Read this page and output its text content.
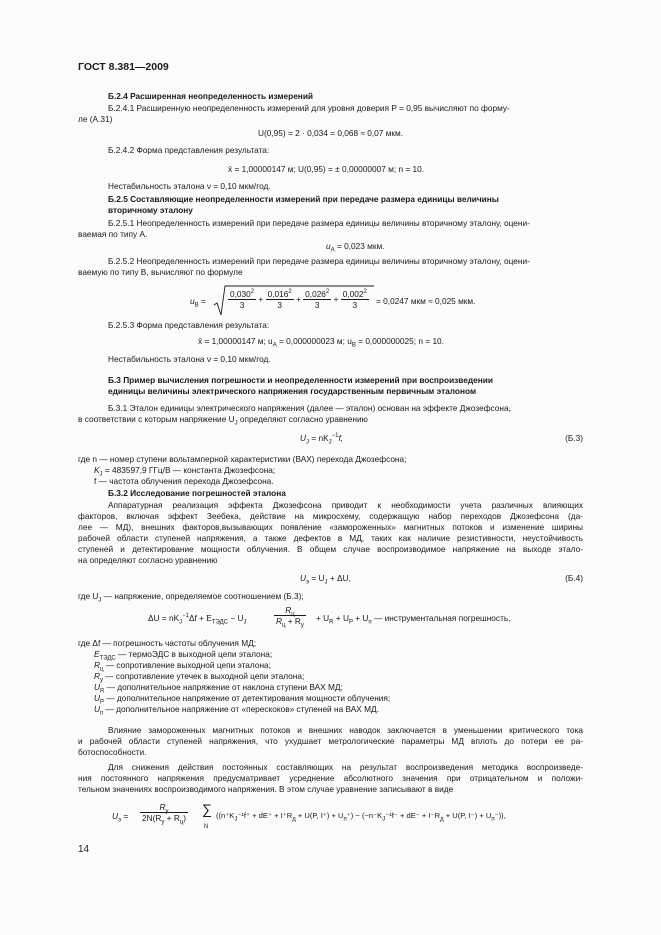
ГОСТ 8.381—2009
Б.2.4 Расширенная неопределенность измерений
Б.2.4.1 Расширенную неопределенность измерений для уровня доверия P = 0,95 вычисляют по форму-
ле (А.31)
U(0,95) = 2 · 0,034 = 0,068 ≈ 0,07 мкм.
Б.2.4.2 Форма представления результата:
x̄ = 1,00000147 м; U(0,95) = ± 0,00000007 м; n = 10.
Нестабильность эталона ν = 0,10 мкм/год.
Б.2.5 Составляющие неопределенности измерений при передаче размера единицы величины
вторичному эталону
Б.2.5.1 Неопределенность измерений при передаче размера единицы величины вторичному эталону, оцени-
ваемая по типу А.
$u_A = 0,023$ мкм.
Б.2.5.2 Неопределенность измерений при передаче размера единицы величины вторичному эталону, оцени-
ваемую по типу В, вычисляют по формуле
$u_B$ =	$\frac{0,030^2}{3} + \frac{0,016^2}{3} + \frac{0,026^2}{3} + \frac{0,002^2}{3} = 0,0247$ мкм ≈ 0,025 мкм.
Б.2.5.3 Форма представления результата:
x̄ = 1,00000147 м; $u_A = 0,000000023$ м; $u_B = 0,000000025$; n = 10.
Нестабильность эталона ν = 0,10 мкм/год.
Б.3 Пример вычисления погрешности и неопределенности измерений при воспроизведении
единицы величины электрического напряжения государственным первичным эталоном
Б.3.1 Эталон единицы электрического напряжения (далее — эталон) основан на эффекте Джозефсона,
в соответствии с которым напряжение $U_J$ определяют согласно уравнению
$U_J = nK_J^{-1}f$,	(Б.3)
где n — номер ступени вольтамперной характеристики (ВАХ) перехода Джозефсона;
$K_J = 483597,9$ ГГц/В — константа Джозефсона;
f — частота облучения перехода Джозефсона.
Б.3.2 Исследование погрешностей эталона
Аппаратурная реализация эффекта Джозефсона приводит к необходимости учета различных влияющих
факторов, включая эффект Зеебека, действие на микросхему, содержащую набор переходов Джозефсона (да-
лее — МД), внешних факторов,вызывающих появление «замороженных» магнитных потоков и изменение ширины
рабочей области ступеней напряжения, а также дефектов в МД, таких как наличие резистивности, неустойчивость
ступеней и детектирование мощности облучения. В общем случае воспроизводимое напряжение на выходе этало-
на определяют согласно уравнению
$U_э = U_J + \Delta U$,	(Б.4)
где $U_J$ — напряжение, определяемое соотношением (Б.3);
$\Delta U = nK_J^{-1}\Delta f + E_{ТЭДС} - U_J$
$R_ц$
$R_ц + R_у$
+ $U_R + U_P + U_п$ — инструментальная погрешность,
где Δf — погрешность частоты облучения МД;
$E_{ТЭДС}$ — термоЭДС в выходной цепи эталона;
$R_ц$ — сопротивление выходной цепи эталона;
$R_у$ — сопротивление утечек в выходной цепи эталона;
$U_R$ — дополнительное напряжение от наклона ступени ВАХ МД;
$U_P$ — дополнительное напряжение от детектирования мощности облучения;
$U_п$ — дополнительное напряжение от «перескоков» ступеней на ВАХ МД.
Влияние замороженных магнитных потоков и внешних наводок заключается в уменьшении критического тока
и рабочей области ступеней напряжения, что ухудшает метрологические параметры МД вплоть до потери ее ра-
ботоспособности.
Для снижения действия постоянных составляющих на результат воспроизведения методика воспроизведе-
ния постоянного напряжения предусматривает усреднение абсолютного значения при отрицательном и положи-
тельном значениях воспроизводимого напряжения. В этом случае уравнение записывают в виде
$U_э$ =
$R_у$
$2N(R_у + R_ц)$
∑
N
(($n^+K_J^{-1}f^+ + dE^+ + I^+R_д + U(P$, $I^+) + U_п^+) - (-n^-K_J^{-1}f^- + dE^- + I^-R_д + U(P$, $I^-) + U_п^-$)),
14
